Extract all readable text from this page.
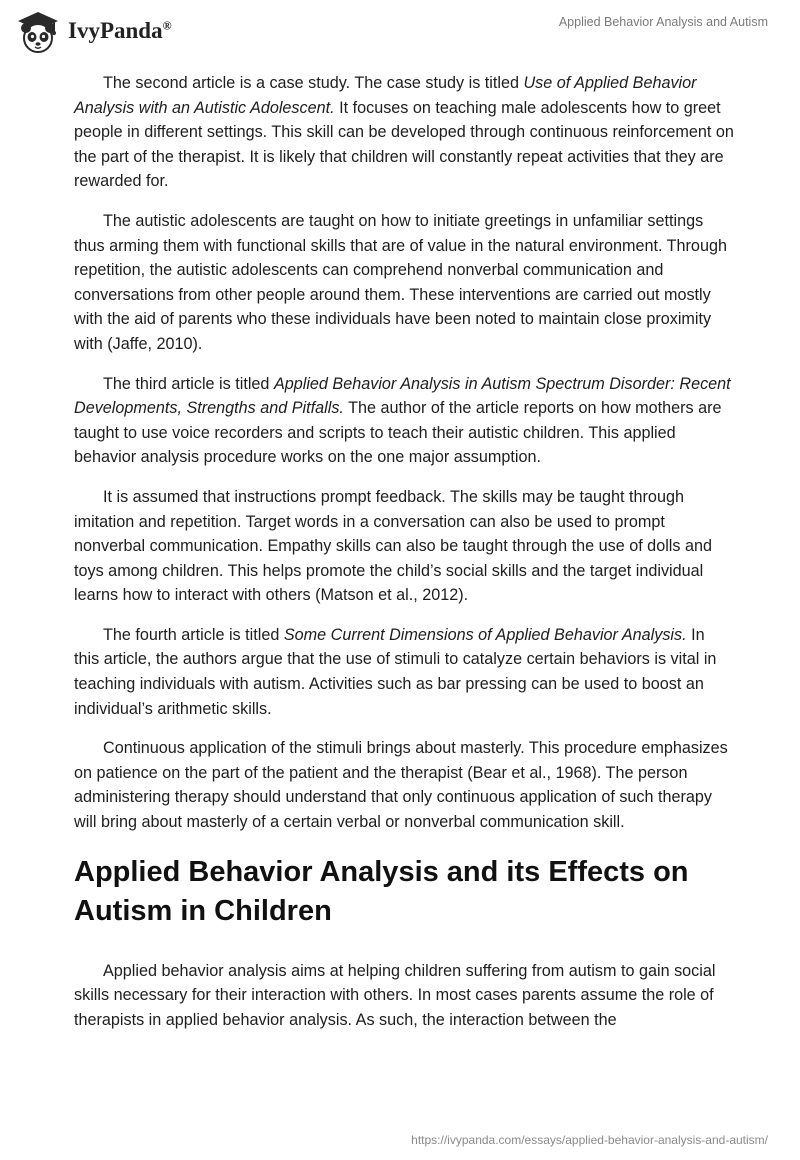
IvyPanda®	Applied Behavior Analysis and Autism

The second article is a case study. The case study is titled Use of Applied Behavior Analysis with an Autistic Adolescent. It focuses on teaching male adolescents how to greet people in different settings. This skill can be developed through continuous reinforcement on the part of the therapist. It is likely that children will constantly repeat activities that they are rewarded for.

The autistic adolescents are taught on how to initiate greetings in unfamiliar settings thus arming them with functional skills that are of value in the natural environment. Through repetition, the autistic adolescents can comprehend nonverbal communication and conversations from other people around them. These interventions are carried out mostly with the aid of parents who these individuals have been noted to maintain close proximity with (Jaffe, 2010).

The third article is titled Applied Behavior Analysis in Autism Spectrum Disorder: Recent Developments, Strengths and Pitfalls. The author of the article reports on how mothers are taught to use voice recorders and scripts to teach their autistic children. This applied behavior analysis procedure works on the one major assumption.

It is assumed that instructions prompt feedback. The skills may be taught through imitation and repetition. Target words in a conversation can also be used to prompt nonverbal communication. Empathy skills can also be taught through the use of dolls and toys among children. This helps promote the child’s social skills and the target individual learns how to interact with others (Matson et al., 2012).

The fourth article is titled Some Current Dimensions of Applied Behavior Analysis. In this article, the authors argue that the use of stimuli to catalyze certain behaviors is vital in teaching individuals with autism. Activities such as bar pressing can be used to boost an individual’s arithmetic skills.

Continuous application of the stimuli brings about masterly. This procedure emphasizes on patience on the part of the patient and the therapist (Bear et al., 1968). The person administering therapy should understand that only continuous application of such therapy will bring about masterly of a certain verbal or nonverbal communication skill.

Applied Behavior Analysis and its Effects on Autism in Children

Applied behavior analysis aims at helping children suffering from autism to gain social skills necessary for their interaction with others. In most cases parents assume the role of therapists in applied behavior analysis. As such, the interaction between the

https://ivypanda.com/essays/applied-behavior-analysis-and-autism/
